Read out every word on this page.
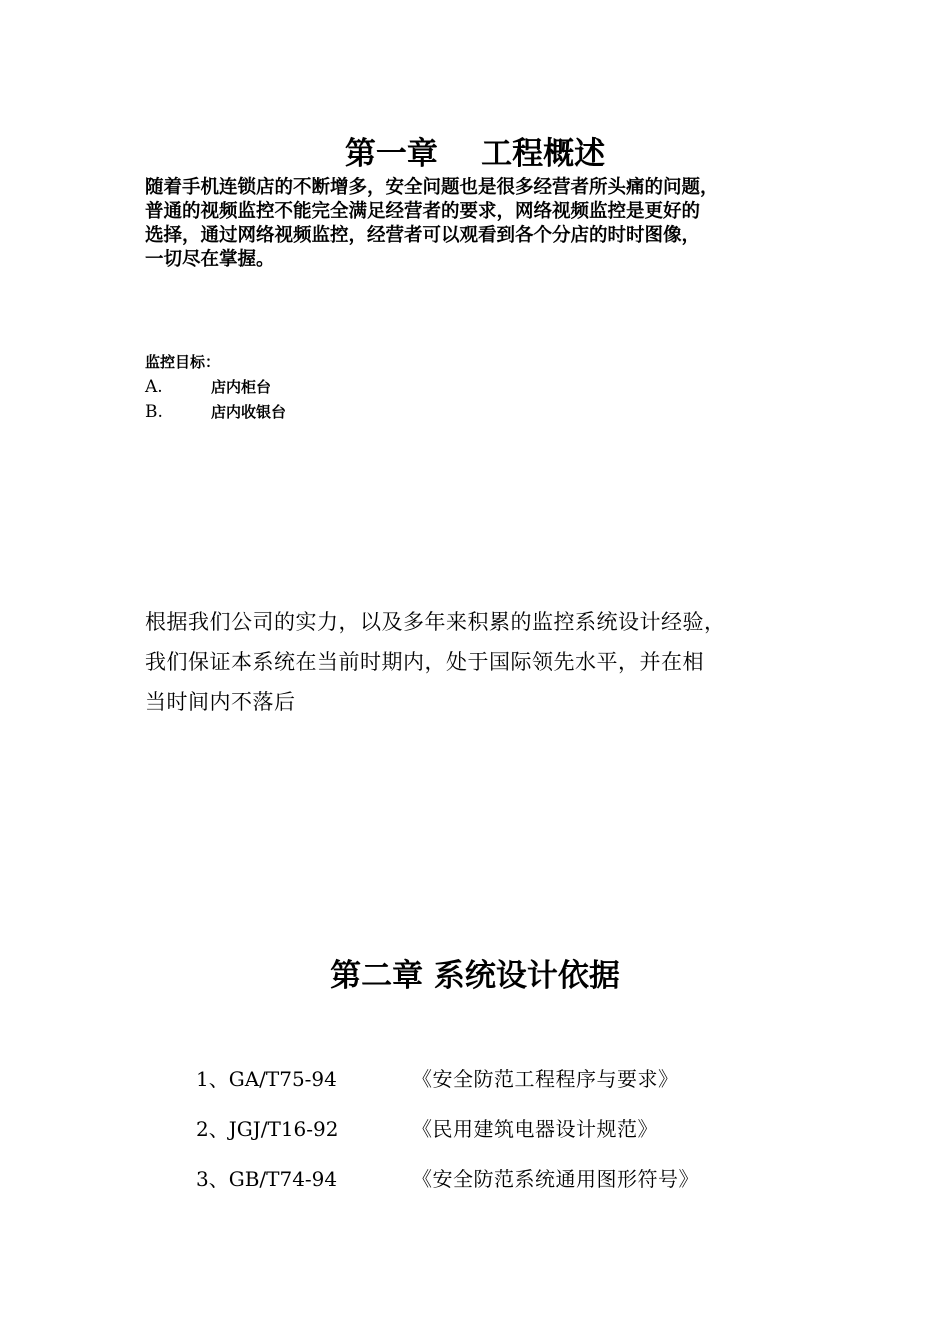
第一章    工程概述
随着手机连锁店的不断增多，安全问题也是很多经营者所头痛的问题，
普通的视频监控不能完全满足经营者的要求，网络视频监控是更好的
选择，通过网络视频监控，经营者可以观看到各个分店的时时图像，
一切尽在掌握。
监控目标：
A.	店内柜台
B.	店内收银台
根据我们公司的实力，以及多年来积累的监控系统设计经验，
我们保证本系统在当前时期内，处于国际领先水平，并在相
当时间内不落后
第二章 系统设计依据
1、GA/T75-94	《安全防范工程程序与要求》
2、JGJ/T16-92	《民用建筑电器设计规范》
3、GB/T74-94	《安全防范系统通用图形符号》
